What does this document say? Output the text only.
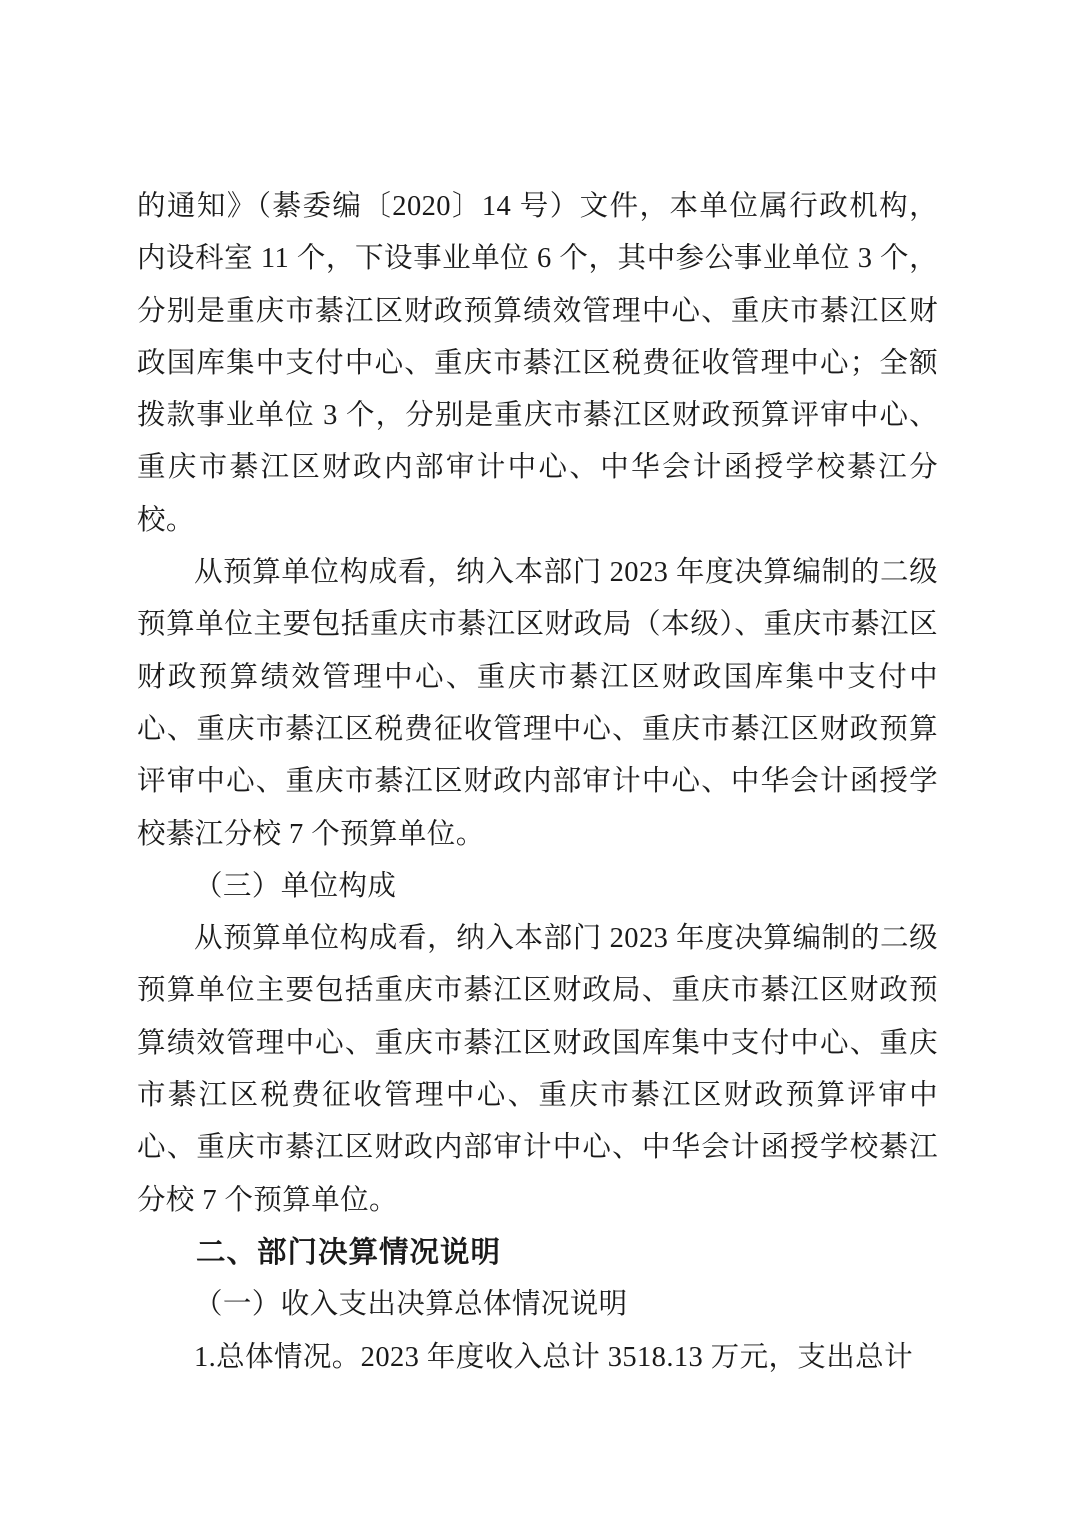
的通知》（綦委编〔2020〕14 号）文件，本单位属行政机构，内设科室 11 个，下设事业单位 6 个，其中参公事业单位 3 个，分别是重庆市綦江区财政预算绩效管理中心、重庆市綦江区财政国库集中支付中心、重庆市綦江区税费征收管理中心；全额拨款事业单位 3 个，分别是重庆市綦江区财政预算评审中心、重庆市綦江区财政内部审计中心、中华会计函授学校綦江分校。

从预算单位构成看，纳入本部门 2023 年度决算编制的二级预算单位主要包括重庆市綦江区财政局（本级）、重庆市綦江区财政预算绩效管理中心、重庆市綦江区财政国库集中支付中心、重庆市綦江区税费征收管理中心、重庆市綦江区财政预算评审中心、重庆市綦江区财政内部审计中心、中华会计函授学校綦江分校 7 个预算单位。

（三）单位构成

从预算单位构成看，纳入本部门 2023 年度决算编制的二级预算单位主要包括重庆市綦江区财政局、重庆市綦江区财政预算绩效管理中心、重庆市綦江区财政国库集中支付中心、重庆市綦江区税费征收管理中心、重庆市綦江区财政预算评审中心、重庆市綦江区财政内部审计中心、中华会计函授学校綦江分校 7 个预算单位。

二、部门决算情况说明

（一）收入支出决算总体情况说明

1.总体情况。2023 年度收入总计 3518.13 万元，支出总计
